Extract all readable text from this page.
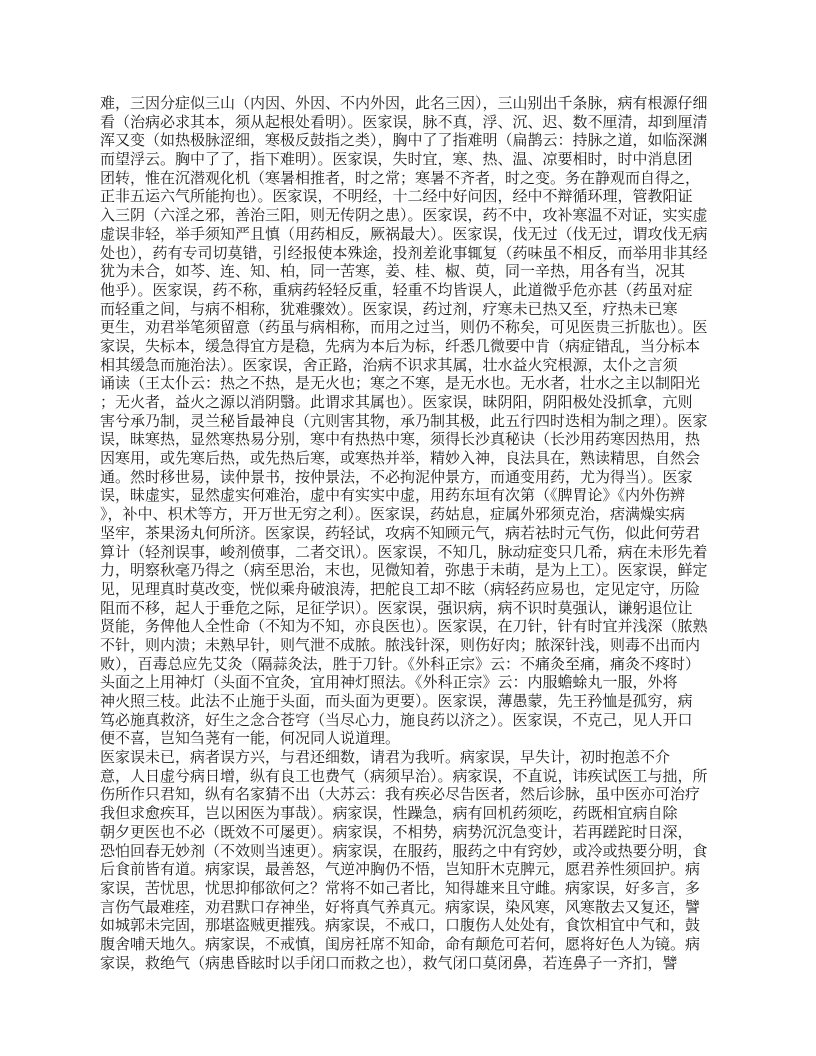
难，三因分症似三山（内因、外因、不内外因，此名三因），三山别出千条脉，病有根源仔细
看（治病必求其本，须从起根处看明）。医家误，脉不真，浮、沉、迟、数不厘清，却到厘清
浑又变（如热极脉涩细，寒极反鼓指之类），胸中了了指难明（扁鹊云：持脉之道，如临深渊
而望浮云。胸中了了，指下难明）。医家误，失时宜，寒、热、温、凉要相时，时中消息团
团转，惟在沉潜观化机（寒暑相推者，时之常；寒暑不齐者，时之变。务在静观而自得之，
正非五运六气所能拘也）。医家误，不明经，十二经中好问因，经中不辩循环理，管教阳证
入三阴（六淫之邪，善治三阳，则无传阴之患）。医家误，药不中，攻补寒温不对证，实实虚
虚误非轻，举手须知严且慎（用药相反，厥祸最大）。医家误，伐无过（伐无过，谓攻伐无病
处也），药有专司切莫错，引经报使本殊途，投剂差讹事辄复（药味虽不相反，而举用非其经
犹为未合，如芩、连、知、柏，同一苦寒，姜、桂、椒、萸，同一辛热，用各有当，况其
他乎）。医家误，药不称，重病药轻轻反重，轻重不均皆误人，此道微乎危亦甚（药虽对症
而轻重之间，与病不相称，犹难骤效）。医家误，药过剂，疗寒未已热又至，疗热未已寒
更生，劝君举笔须留意（药虽与病相称，而用之过当，则仍不称矣，可见医贵三折肱也）。医
家误，失标本，缓急得宜方是稳，先病为本后为标，纤悉几微要中肯（病症错乱，当分标本
相其缓急而施治法）。医家误，舍正路，治病不识求其属，壮水益火究根源，太仆之言须
诵读（王太仆云：热之不热，是无火也；寒之不寒，是无水也。无水者，壮水之主以制阳光
；无火者，益火之源以消阴翳。此谓求其属也）。医家误，昧阴阳，阴阳极处没抓拿，亢则
害兮承乃制，灵兰秘旨最神良（亢则害其物，承乃制其极，此五行四时迭相为制之理）。医家
误，昧寒热，显然寒热易分别，寒中有热热中寒，须得长沙真秘诀（长沙用药寒因热用，热
因寒用，或先寒后热，或先热后寒，或寒热并举，精妙入神，良法具在，熟读精思，自然会
通。然时移世易，读仲景书，按仲景法，不必拘泥仲景方，而通变用药，尤为得当）。医家
误，昧虚实，显然虚实何难治，虚中有实实中虚，用药东垣有次第（《脾胃论》《内外伤辨
》，补中、枳术等方，开万世无穷之利）。医家误，药姑息，症属外邪须克治，痞满燥实病
坚牢，茶果汤丸何所济。医家误，药轻试，攻病不知顾元气，病若祛时元气伤，似此何劳君
算计（轻剂误事，峻剂偾事，二者交讯）。医家误，不知几，脉动症变只几希，病在未形先着
力，明察秋毫乃得之（病至思治，末也，见微知着，弥患于未萌，是为上工）。医家误，鲜定
见，见理真时莫改变，恍似乘舟破浪涛，把舵良工却不眩（病轻药应易也，定见定守，历险
阻而不移，起人于垂危之际，足征学识）。医家误，强识病，病不识时莫强认，谦躬退位让
贤能，务俾他人全性命（不知为不知，亦良医也）。医家误，在刀针，针有时宜并浅深（脓熟
不针，则内溃；未熟早针，则气泄不成脓。脓浅针深，则伤好肉；脓深针浅，则毒不出而内
败），百毒总应先艾灸（隔蒜灸法，胜于刀针。《外科正宗》云：不痛灸至痛，痛灸不疼时）
头面之上用神灯（头面不宜灸，宜用神灯照法。《外科正宗》云：内服蟾蜍丸一服，外将
神火照三枝。此法不止施于头面，而头面为更要）。医家误，薄愚蒙，先王矜恤是孤穷，病
笃必施真救济，好生之念合苍穹（当尽心力，施良药以济之）。医家误，不克己，见人开口
便不喜，岂知刍荛有一能，何况同人说道理。
医家误未已，病者误方兴，与君还细数，请君为我听。病家误，早失计，初时抱恙不介
意，人日虚兮病日增，纵有良工也费气（病须早治）。病家误，不直说，讳疾试医工与拙，所
伤所作只君知，纵有名家猜不出（大苏云：我有疾必尽告医者，然后诊脉，虽中医亦可治疗
我但求愈疾耳，岂以困医为事哉）。病家误，性躁急，病有回机药须吃，药既相宜病自除
朝夕更医也不必（既效不可屡更）。病家误，不相势，病势沉沉急变计，若再蹉跎时日深，
恐怕回春无妙剂（不效则当速更）。病家误，在服药，服药之中有窍妙，或冷或热要分明，食
后食前皆有道。病家误，最善怒，气逆冲胸仍不悟，岂知肝木克脾元，愿君养性须回护。病
家误，苦忧思，忧思抑郁欲何之？常将不如己者比，知得雄来且守雌。病家误，好多言，多
言伤气最难痊，劝君默口存神坐，好将真气养真元。病家误，染风寒，风寒散去又复还，譬
如城郭未完固，那堪盗贼更摧残。病家误，不戒口，口腹伤人处处有，食饮相宜中气和，鼓
腹舍哺天地久。病家误，不戒慎，闺房衽席不知命，命有颠危可若何，愿将好色人为镜。病
家误，救绝气（病患昏眩时以手闭口而救之也），救气闭口莫闭鼻，若连鼻子一齐扪，譬
